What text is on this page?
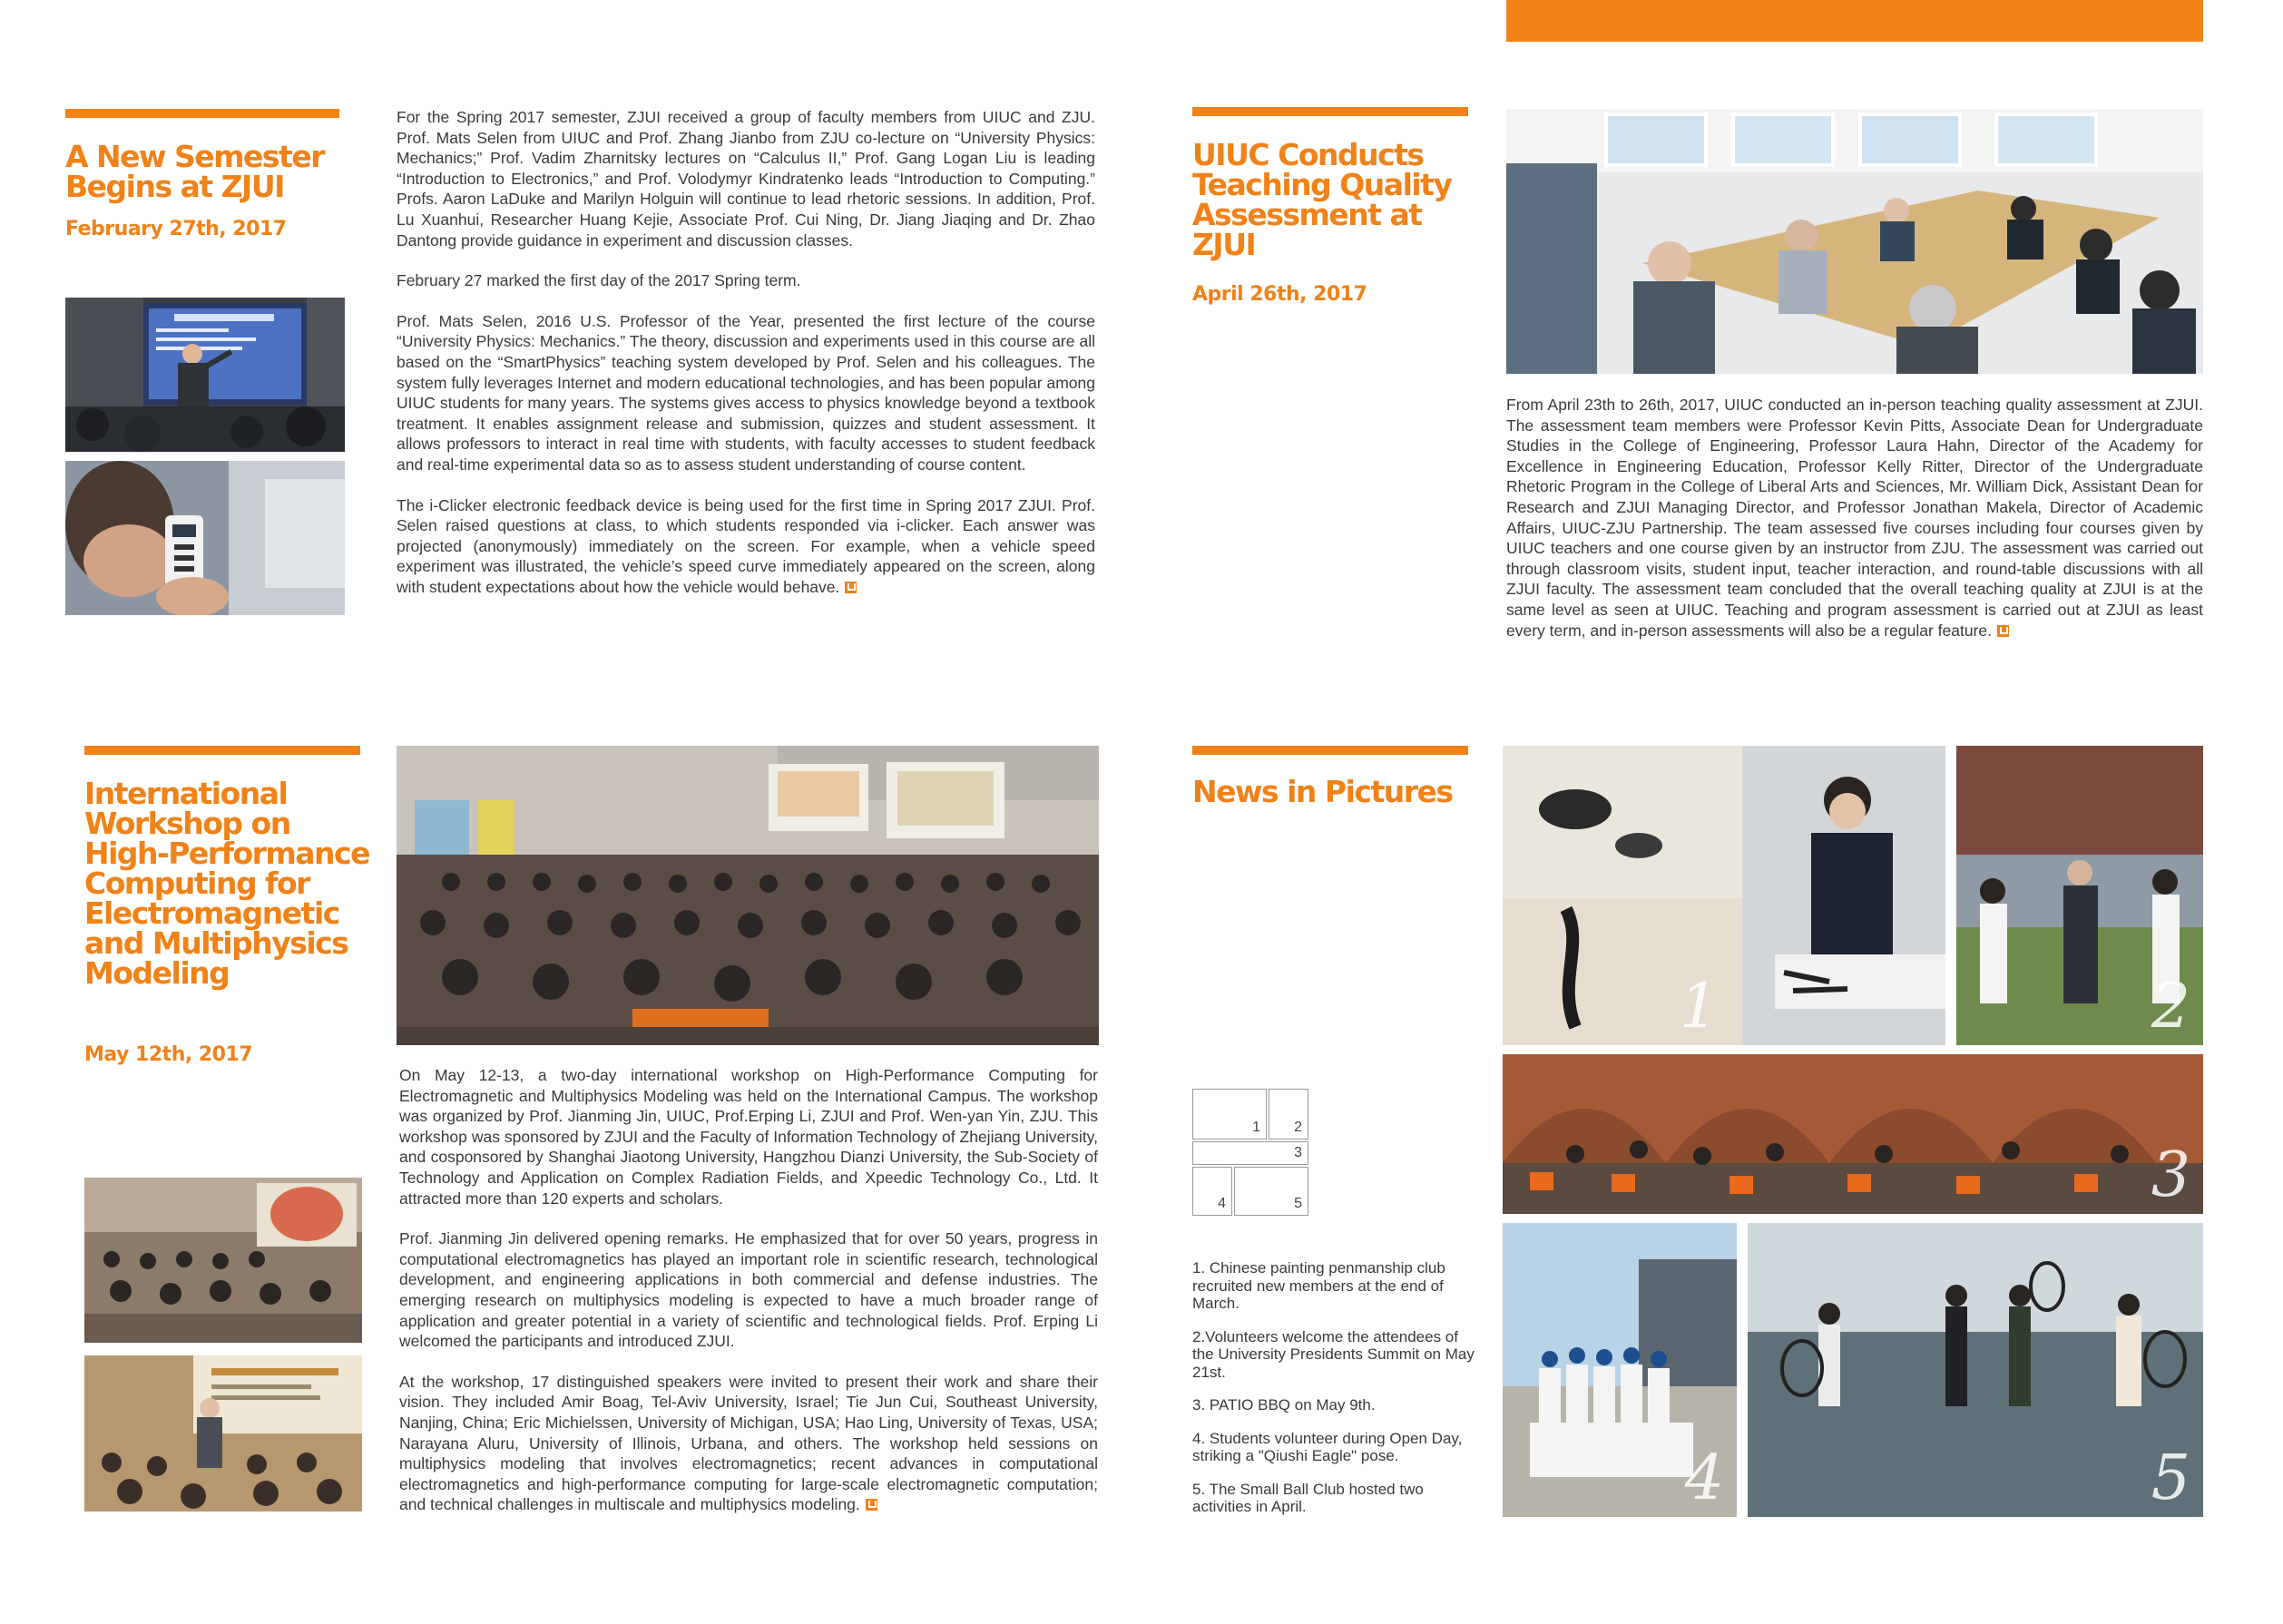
A New Semester
Begins at ZJUI
February 27th, 2017

For the Spring 2017 semester, ZJUI received a group of faculty members from UIUC and ZJU. Prof. Mats Selen from UIUC and Prof. Zhang Jianbo from ZJU co-lecture on “University Physics: Mechanics;” Prof. Vadim Zharnitsky lectures on “Calculus II,” Prof. Gang Logan Liu is leading “Introduction to Electronics,” and Prof. Volodymyr Kindratenko leads “Introduction to Computing.” Profs. Aaron LaDuke and Marilyn Holguin will continue to lead rhetoric sessions. In addition, Prof. Lu Xuanhui, Researcher Huang Kejie, Associate Prof. Cui Ning, Dr. Jiang Jiaqing and Dr. Zhao Dantong provide guidance in experiment and discussion classes.

February 27 marked the first day of the 2017 Spring term.

Prof. Mats Selen, 2016 U.S. Professor of the Year, presented the first lecture of the course “University Physics: Mechanics.” The theory, discussion and experiments used in this course are all based on the “SmartPhysics” teaching system developed by Prof. Selen and his colleagues. The system fully leverages Internet and modern educational technologies, and has been popular among UIUC students for many years. The systems gives access to physics knowledge beyond a textbook treatment. It enables assignment release and submission, quizzes and student assessment. It allows professors to interact in real time with students, with faculty accesses to student feedback and real-time experimental data so as to assess student understanding of course content.

The i-Clicker electronic feedback device is being used for the first time in Spring 2017 ZJUI. Prof. Selen raised questions at class, to which students responded via i-clicker. Each answer was projected (anonymously) immediately on the screen. For example, when a vehicle speed experiment was illustrated, the vehicle’s speed curve immediately appeared on the screen, along with student expectations about how the vehicle would behave.

UIUC Conducts
Teaching Quality
Assessment at
ZJUI
April 26th, 2017

From April 23th to 26th, 2017, UIUC conducted an in-person teaching quality assessment at ZJUI. The assessment team members were Professor Kevin Pitts, Associate Dean for Undergraduate Studies in the College of Engineering, Professor Laura Hahn, Director of the Academy for Excellence in Engineering Education, Professor Kelly Ritter, Director of the Undergraduate Rhetoric Program in the College of Liberal Arts and Sciences, Mr. William Dick, Assistant Dean for Research and ZJUI Managing Director, and Professor Jonathan Makela, Director of Academic Affairs, UIUC-ZJU Partnership. The team assessed five courses including four courses given by UIUC teachers and one course given by an instructor from ZJU. The assessment was carried out through classroom visits, student input, teacher interaction, and round-table discussions with all ZJUI faculty. The assessment team concluded that the overall teaching quality at ZJUI is at the same level as seen at UIUC. Teaching and program assessment is carried out at ZJUI as least every term, and in-person assessments will also be a regular feature.

International
Workshop on
High-Performance
Computing for
Electromagnetic
and Multiphysics
Modeling
May 12th, 2017

On May 12-13, a two-day international workshop on High-Performance Computing for Electromagnetic and Multiphysics Modeling was held on the International Campus. The workshop was organized by Prof. Jianming Jin, UIUC, Prof.Erping Li, ZJUI and Prof. Wen-yan Yin, ZJU. This workshop was sponsored by ZJUI and the Faculty of Information Technology of Zhejiang University, and cosponsored by Shanghai Jiaotong University, Hangzhou Dianzi University, the Sub-Society of Technology and Application on Complex Radiation Fields, and Xpeedic Technology Co., Ltd. It attracted more than 120 experts and scholars.

Prof. Jianming Jin delivered opening remarks. He emphasized that for over 50 years, progress in computational electromagnetics has played an important role in scientific research, technological development, and engineering applications in both commercial and defense industries. The emerging research on multiphysics modeling is expected to have a much broader range of application and greater potential in a variety of scientific and technological fields. Prof. Erping Li welcomed the participants and introduced ZJUI.

At the workshop, 17 distinguished speakers were invited to present their work and share their vision. They included Amir Boag, Tel-Aviv University, Israel; Tie Jun Cui, Southeast University, Nanjing, China; Eric Michielssen, University of Michigan, USA; Hao Ling, University of Texas, USA; Narayana Aluru, University of Illinois, Urbana, and others. The workshop held sessions on multiphysics modeling that involves electromagnetics; recent advances in computational electromagnetics and high-performance computing for large-scale electromagnetic computation; and technical challenges in multiscale and multiphysics modeling.

News in Pictures
1 2
3
4	5

1. Chinese painting penmanship club recruited new members at the end of March.

2.Volunteers welcome the attendees of the University Presidents Summit on May 21st.

3. PATIO BBQ on May 9th.

4. Students volunteer during Open Day, striking a "Qiushi Eagle" pose.

5. The Small Ball Club hosted two activities in April.

1	2
3
4	5
